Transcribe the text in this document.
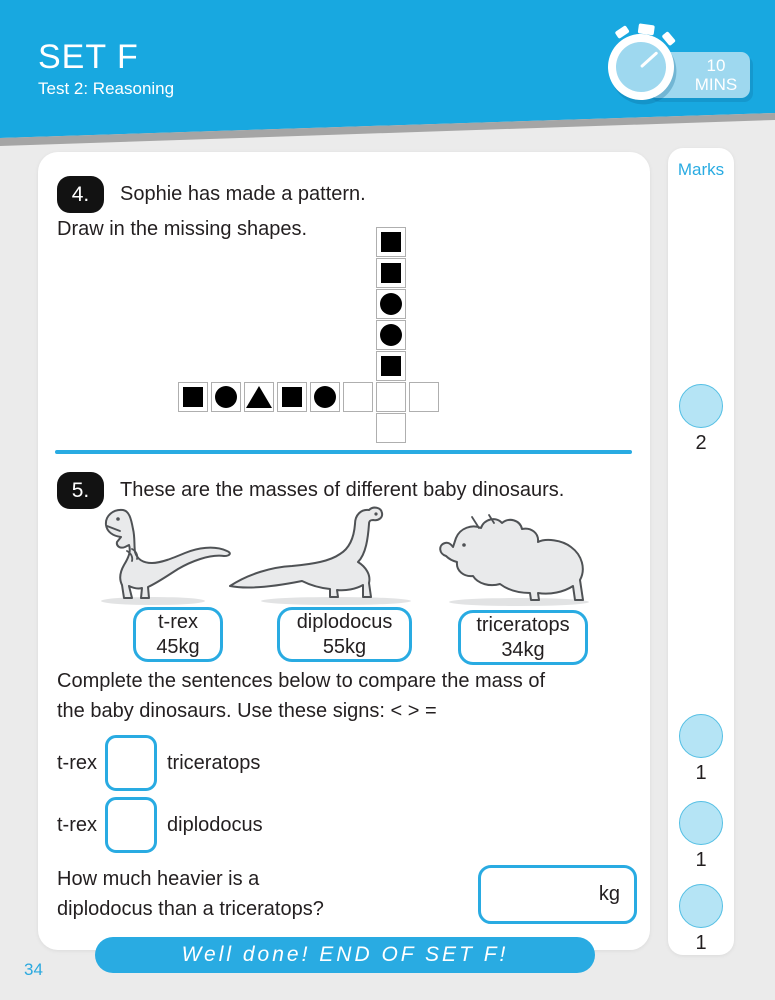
SET F
Test 2: Reasoning
10
MINS
4.	Sophie has made a pattern.
Draw in the missing shapes.
5.	These are the masses of different baby dinosaurs.
t-rex
45kg
diplodocus
55kg
triceratops
34kg
Complete the sentences below to compare the mass of
the baby dinosaurs. Use these signs: < > =
t-rex	triceratops
t-rex	diplodocus
How much heavier is a
diplodocus than a triceratops?
kg
Well done! END OF SET F!
Marks
2
1
1
1
34
